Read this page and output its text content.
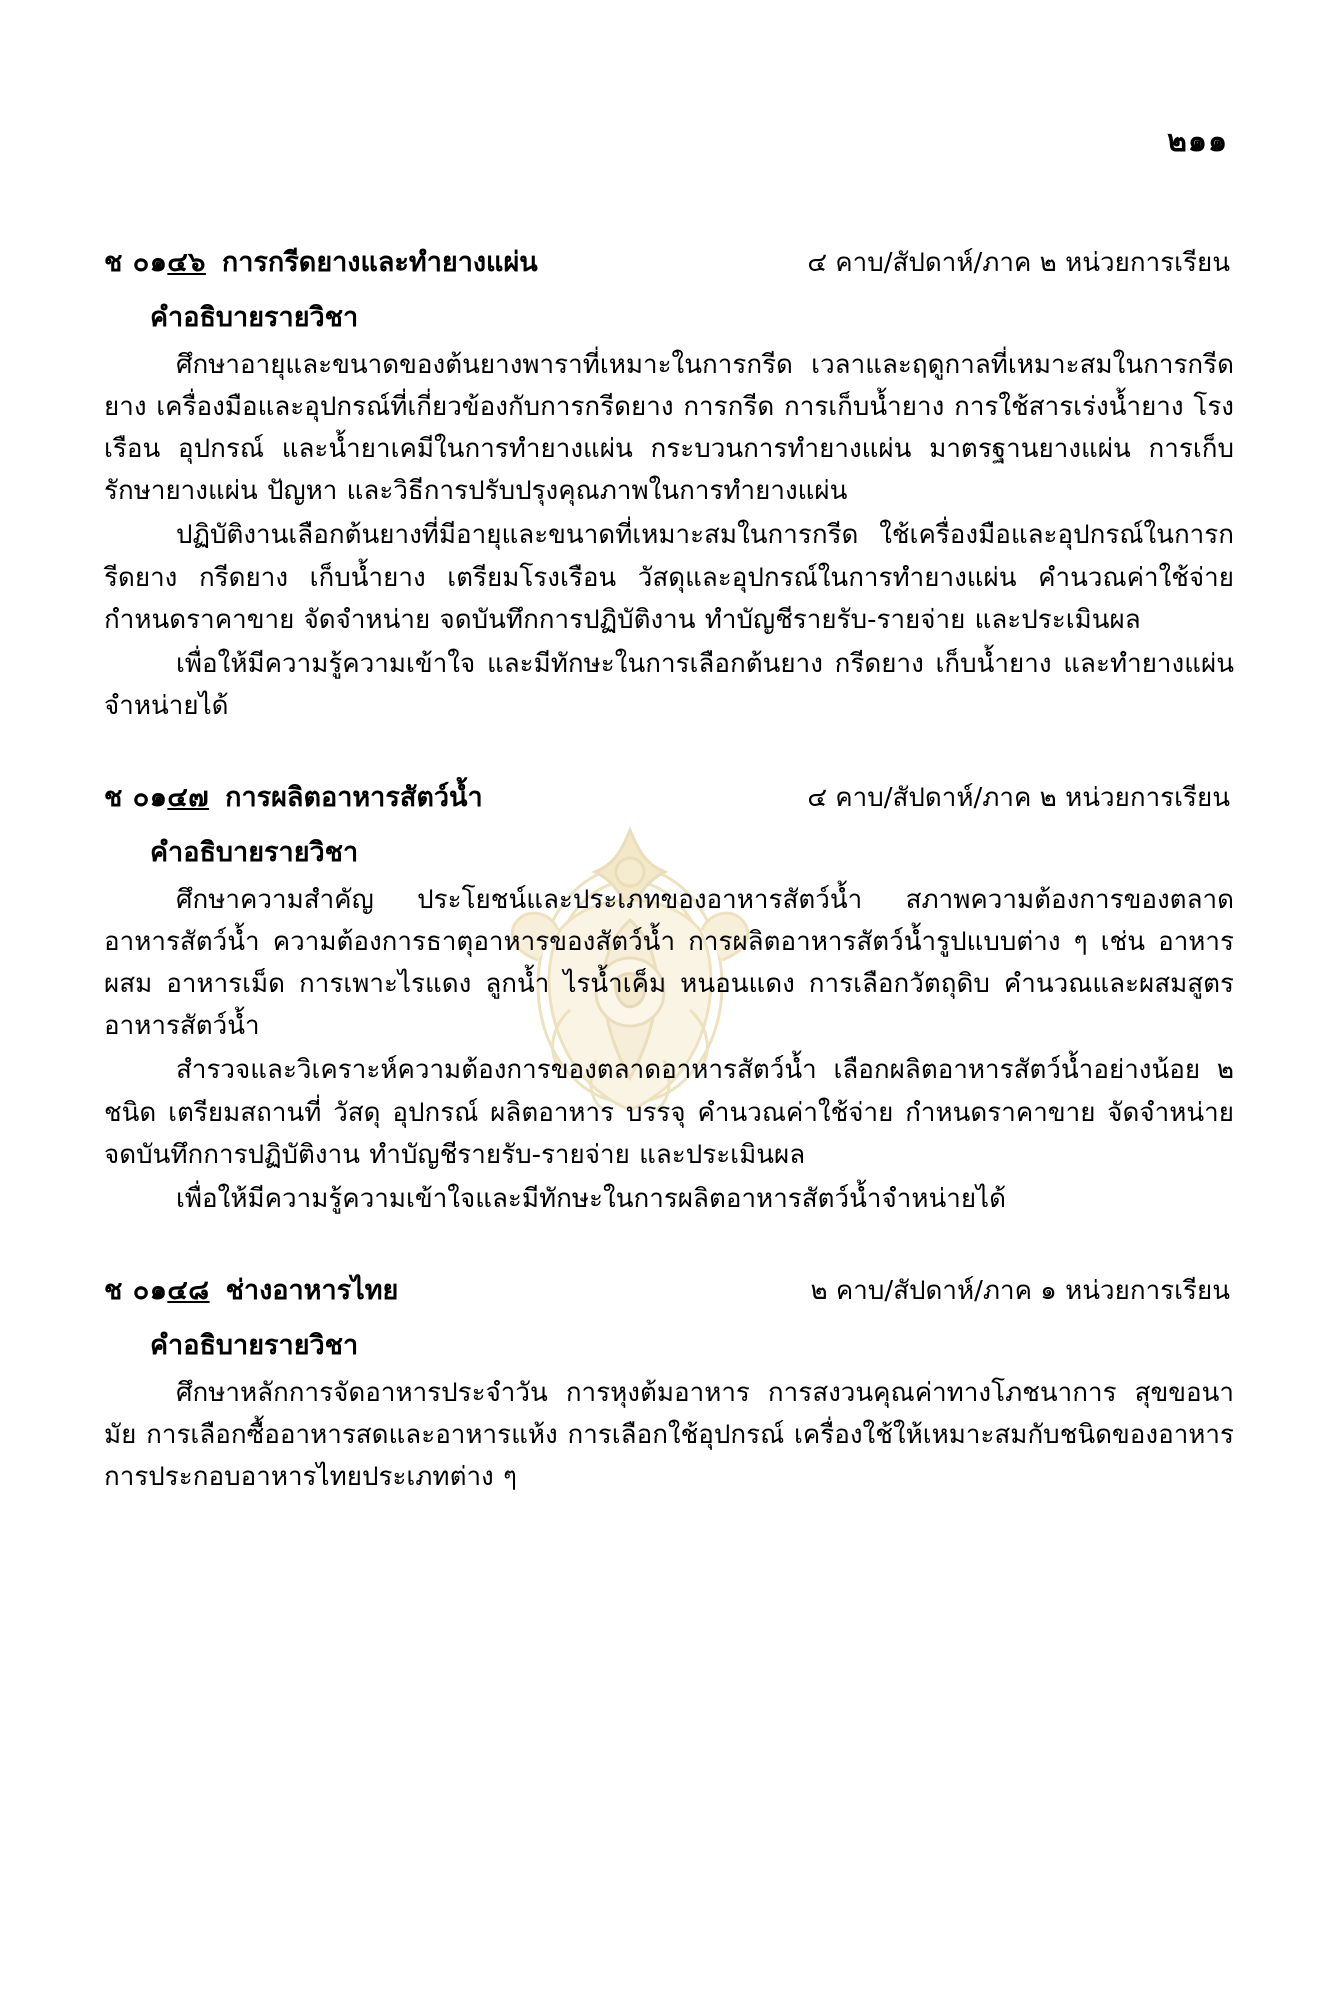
๒๑๑
ช ๐๑๔๖ การกรีดยางและทำยางแผ่น	๔ คาบ/สัปดาห์/ภาค ๒ หน่วยการเรียน
คำอธิบายรายวิชา

ศึกษาอายุและขนาดของต้นยางพาราที่เหมาะในการกรีด เวลาและฤดูกาลที่เหมาะสมในการกรีดยาง เครื่องมือและอุปกรณ์ที่เกี่ยวข้องกับการกรีดยาง การกรีด การเก็บน้ำยาง การใช้สารเร่งน้ำยาง โรงเรือน อุปกรณ์ และน้ำยาเคมีในการทำยางแผ่น กระบวนการทำยางแผ่น มาตรฐานยางแผ่น การเก็บรักษายางแผ่น ปัญหา และวิธีการปรับปรุงคุณภาพในการทำยางแผ่น

ปฏิบัติงานเลือกต้นยางที่มีอายุและขนาดที่เหมาะสมในการกรีด ใช้เครื่องมือและอุปกรณ์ในการกรีดยาง กรีดยาง เก็บน้ำยาง เตรียมโรงเรือน วัสดุและอุปกรณ์ในการทำยางแผ่น คำนวณค่าใช้จ่าย กำหนดราคาขาย จัดจำหน่าย จดบันทึกการปฏิบัติงาน ทำบัญชีรายรับ-รายจ่าย และประเมินผล

เพื่อให้มีความรู้ความเข้าใจ และมีทักษะในการเลือกต้นยาง กรีดยาง เก็บน้ำยาง และทำยางแผ่นจำหน่ายได้

ช ๐๑๔๗ การผลิตอาหารสัตว์น้ำ	๔ คาบ/สัปดาห์/ภาค ๒ หน่วยการเรียน
คำอธิบายรายวิชา

ศึกษาความสำคัญ ประโยชน์และประเภทของอาหารสัตว์น้ำ สภาพความต้องการของตลาดอาหารสัตว์น้ำ ความต้องการธาตุอาหารของสัตว์น้ำ การผลิตอาหารสัตว์น้ำรูปแบบต่าง ๆ เช่น อาหารผสม อาหารเม็ด การเพาะไรแดง ลูกน้ำ ไรน้ำเค็ม หนอนแดง การเลือกวัตถุดิบ คำนวณและผสมสูตรอาหารสัตว์น้ำ

สำรวจและวิเคราะห์ความต้องการของตลาดอาหารสัตว์น้ำ เลือกผลิตอาหารสัตว์น้ำอย่างน้อย ๒ ชนิด เตรียมสถานที่ วัสดุ อุปกรณ์ ผลิตอาหาร บรรจุ คำนวณค่าใช้จ่าย กำหนดราคาขาย จัดจำหน่าย จดบันทึกการปฏิบัติงาน ทำบัญชีรายรับ-รายจ่าย และประเมินผล

เพื่อให้มีความรู้ความเข้าใจและมีทักษะในการผลิตอาหารสัตว์น้ำจำหน่ายได้

ช ๐๑๔๘ ช่างอาหารไทย	๒ คาบ/สัปดาห์/ภาค ๑ หน่วยการเรียน
คำอธิบายรายวิชา

ศึกษาหลักการจัดอาหารประจำวัน การหุงต้มอาหาร การสงวนคุณค่าทางโภชนาการ สุขขอนามัย การเลือกซื้ออาหารสดและอาหารแห้ง การเลือกใช้อุปกรณ์ เครื่องใช้ให้เหมาะสมกับชนิดของอาหาร การประกอบอาหารไทยประเภทต่าง ๆ
